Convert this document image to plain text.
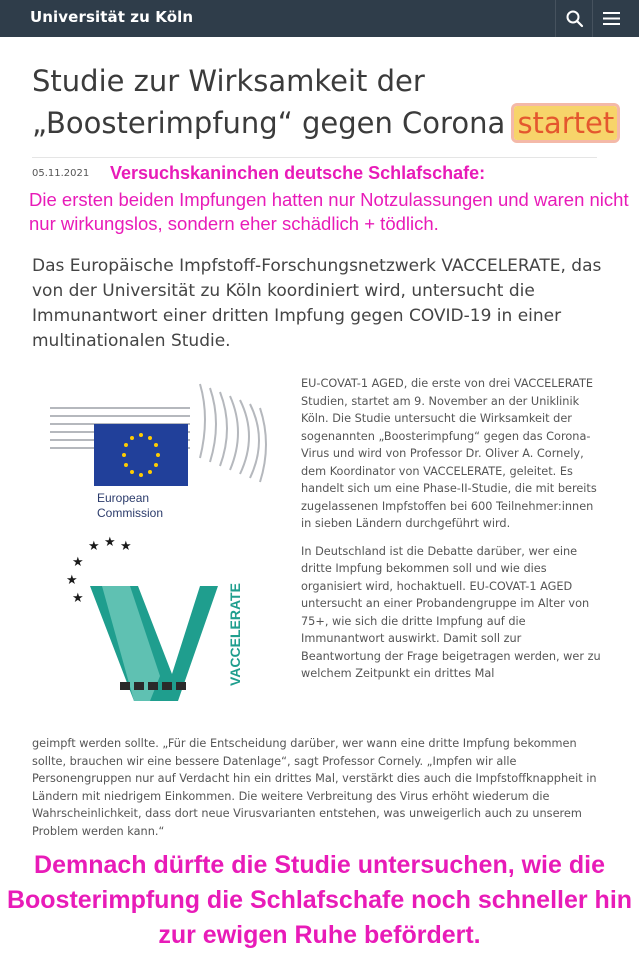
Universität zu Köln
Studie zur Wirksamkeit der „Boosterimpfung“ gegen Corona startet
05.11.2021 Versuchskaninchen deutsche Schlafschafe:
Die ersten beiden Impfungen hatten nur Notzulassungen und waren nicht nur wirkungslos, sondern eher schädlich + tödlich.
Das Europäische Impfstoff-Forschungsnetzwerk VACCELERATE, das von der Universität zu Köln koordiniert wird, untersucht die Immunantwort einer dritten Impfung gegen COVID-19 in einer multinationalen Studie.
European
Commission
★ ★ ★
★
★
★	VACCELERATE

EU-COVAT-1 AGED, die erste von drei VACCELERATE Studien, startet am 9. November an der Uniklinik Köln. Die Studie untersucht die Wirksamkeit der sogenannten „Boosterimpfung“ gegen das Corona-Virus und wird von Professor Dr. Oliver A. Cornely, dem Koordinator von VACCELERATE, geleitet. Es handelt sich um eine Phase-II-Studie, die mit bereits zugelassenen Impfstoffen bei 600 Teilnehmer:innen in sieben Ländern durchgeführt wird.

In Deutschland ist die Debatte darüber, wer eine dritte Impfung bekommen soll und wie dies organisiert wird, hochaktuell. EU-COVAT-1 AGED untersucht an einer Probandengruppe im Alter von 75+, wie sich die dritte Impfung auf die Immunantwort auswirkt. Damit soll zur Beantwortung der Frage beigetragen werden, wer zu welchem Zeitpunkt ein drittes Mal

geimpft werden sollte. „Für die Entscheidung darüber, wer wann eine dritte Impfung bekommen sollte, brauchen wir eine bessere Datenlage“, sagt Professor Cornely. „Impfen wir alle Personengruppen nur auf Verdacht hin ein drittes Mal, verstärkt dies auch die Impfstoffknappheit in Ländern mit niedrigem Einkommen. Die weitere Verbreitung des Virus erhöht wiederum die Wahrscheinlichkeit, dass dort neue Virusvarianten entstehen, was unweigerlich auch zu unserem Problem werden kann.“
Demnach dürfte die Studie untersuchen, wie die Boosterimpfung die Schlafschafe noch schneller hin zur ewigen Ruhe befördert.
